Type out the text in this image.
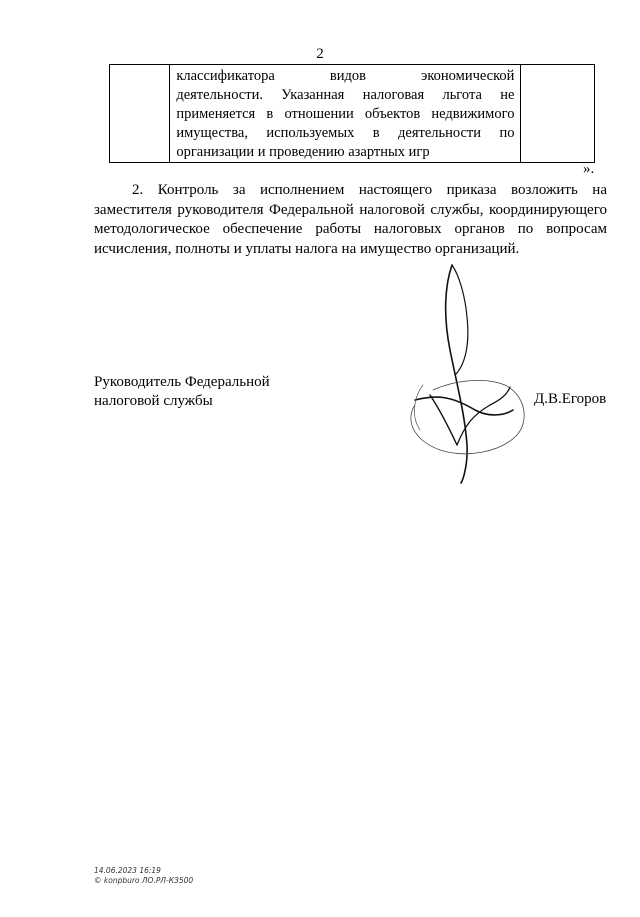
2

классификатора видов экономической
деятельности. Указанная налоговая льгота не
применяется в отношении объектов недвижимого
имущества, используемых в деятельности по
организации и проведению азартных игр

».
2. Контроль за исполнением настоящего приказа возложить на
заместителя руководителя Федеральной налоговой службы, координирующего
методологическое обеспечение работы налоговых органов по вопросам
исчисления, полноты и уплаты налога на имущество организаций.
Руководитель Федеральной
налоговой службы	Д.В.Егоров
14.06.2023 16:19
© konpburo ЛО.РЛ-КЗ500
